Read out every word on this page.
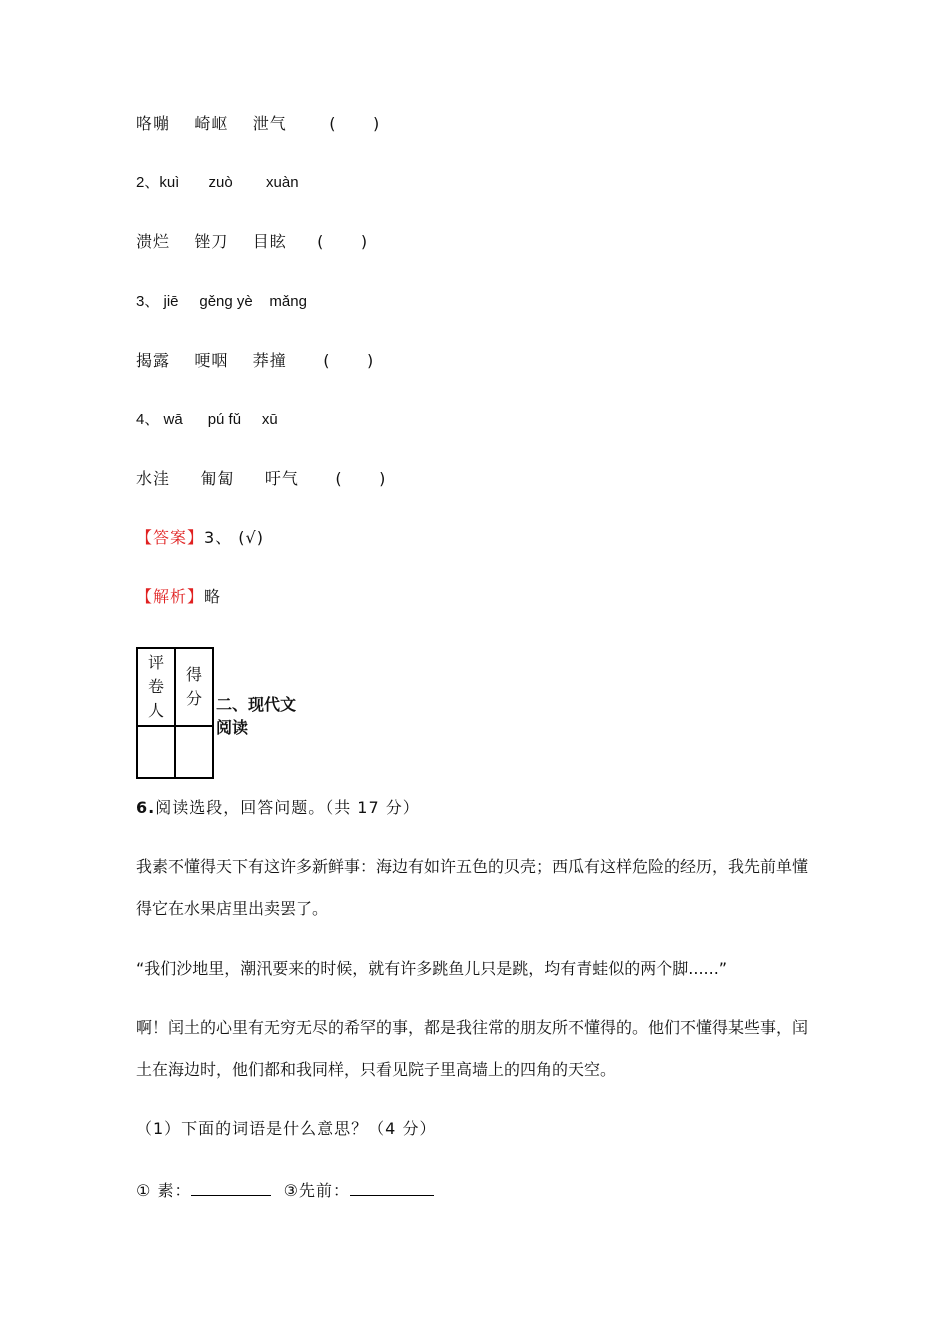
咯嘣    崎岖    泄气       (      )
2、kuì       zuò        xuàn
溃烂    锉刀    目眩     (      )
3、 jiē     gěng yè    mǎng
揭露    哽咽    莽撞      (      )
4、 wā      pú fǔ     xū
水洼     匍匐     吁气      (      )
【答案】3、 (√)
【解析】略
评卷人	得分
	二、现代文阅读
6.阅读选段，回答问题。（共 17 分）
我素不懂得天下有这许多新鲜事：海边有如许五色的贝壳；西瓜有这样危险的经历，我先前单懂得它在水果店里出卖罢了。
“我们沙地里，潮汛要来的时候，就有许多跳鱼儿只是跳，均有青蛙似的两个脚......”
啊！闰土的心里有无穷无尽的希罕的事，都是我往常的朋友所不懂得的。他们不懂得某些事，闰土在海边时，他们都和我同样，只看见院子里高墙上的四角的天空。
（1）下面的词语是什么意思？（4 分）
① 素：	③先前：
